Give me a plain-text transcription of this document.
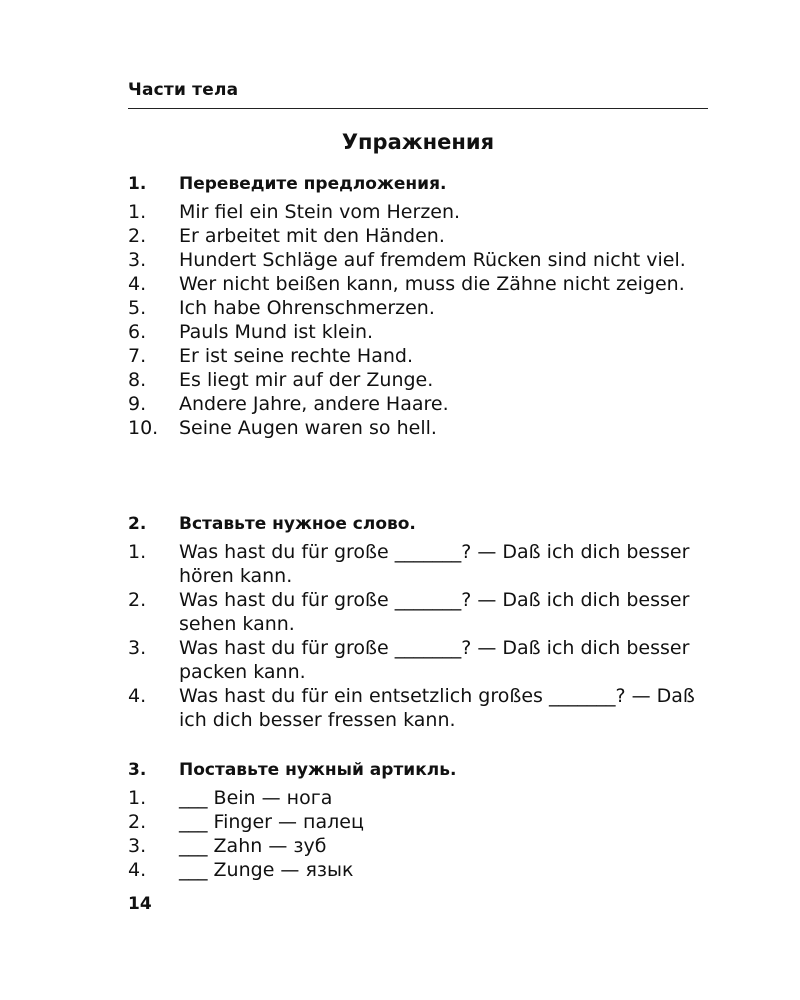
Части тела
Упражнения
1.	Переведите предложения.
1.	Mir fiel ein Stein vom Herzen.
2.	Er arbeitet mit den Händen.
3.	Hundert Schläge auf fremdem Rücken sind nicht viel.
4.	Wer nicht beißen kann, muss die Zähne nicht zeigen.
5.	Ich habe Ohrenschmerzen.
6.	Pauls Mund ist klein.
7.	Er ist seine rechte Hand.
8.	Es liegt mir auf der Zunge.
9.	Andere Jahre, andere Haare.
10.	Seine Augen waren so hell.
2.	Вставьте нужное слово.
1.	Was hast du für große _______? — Daß ich dich besser hören kann.
2.	Was hast du für große _______? — Daß ich dich besser sehen kann.
3.	Was hast du für große _______? — Daß ich dich besser packen kann.
4.	Was hast du für ein entsetzlich großes _______? — Daß ich dich besser fressen kann.
3.	Поставьте нужный артикль.
1.	___ Bein — нога
2.	___ Finger — палец
3.	___ Zahn — зуб
4.	___ Zunge — язык
14
